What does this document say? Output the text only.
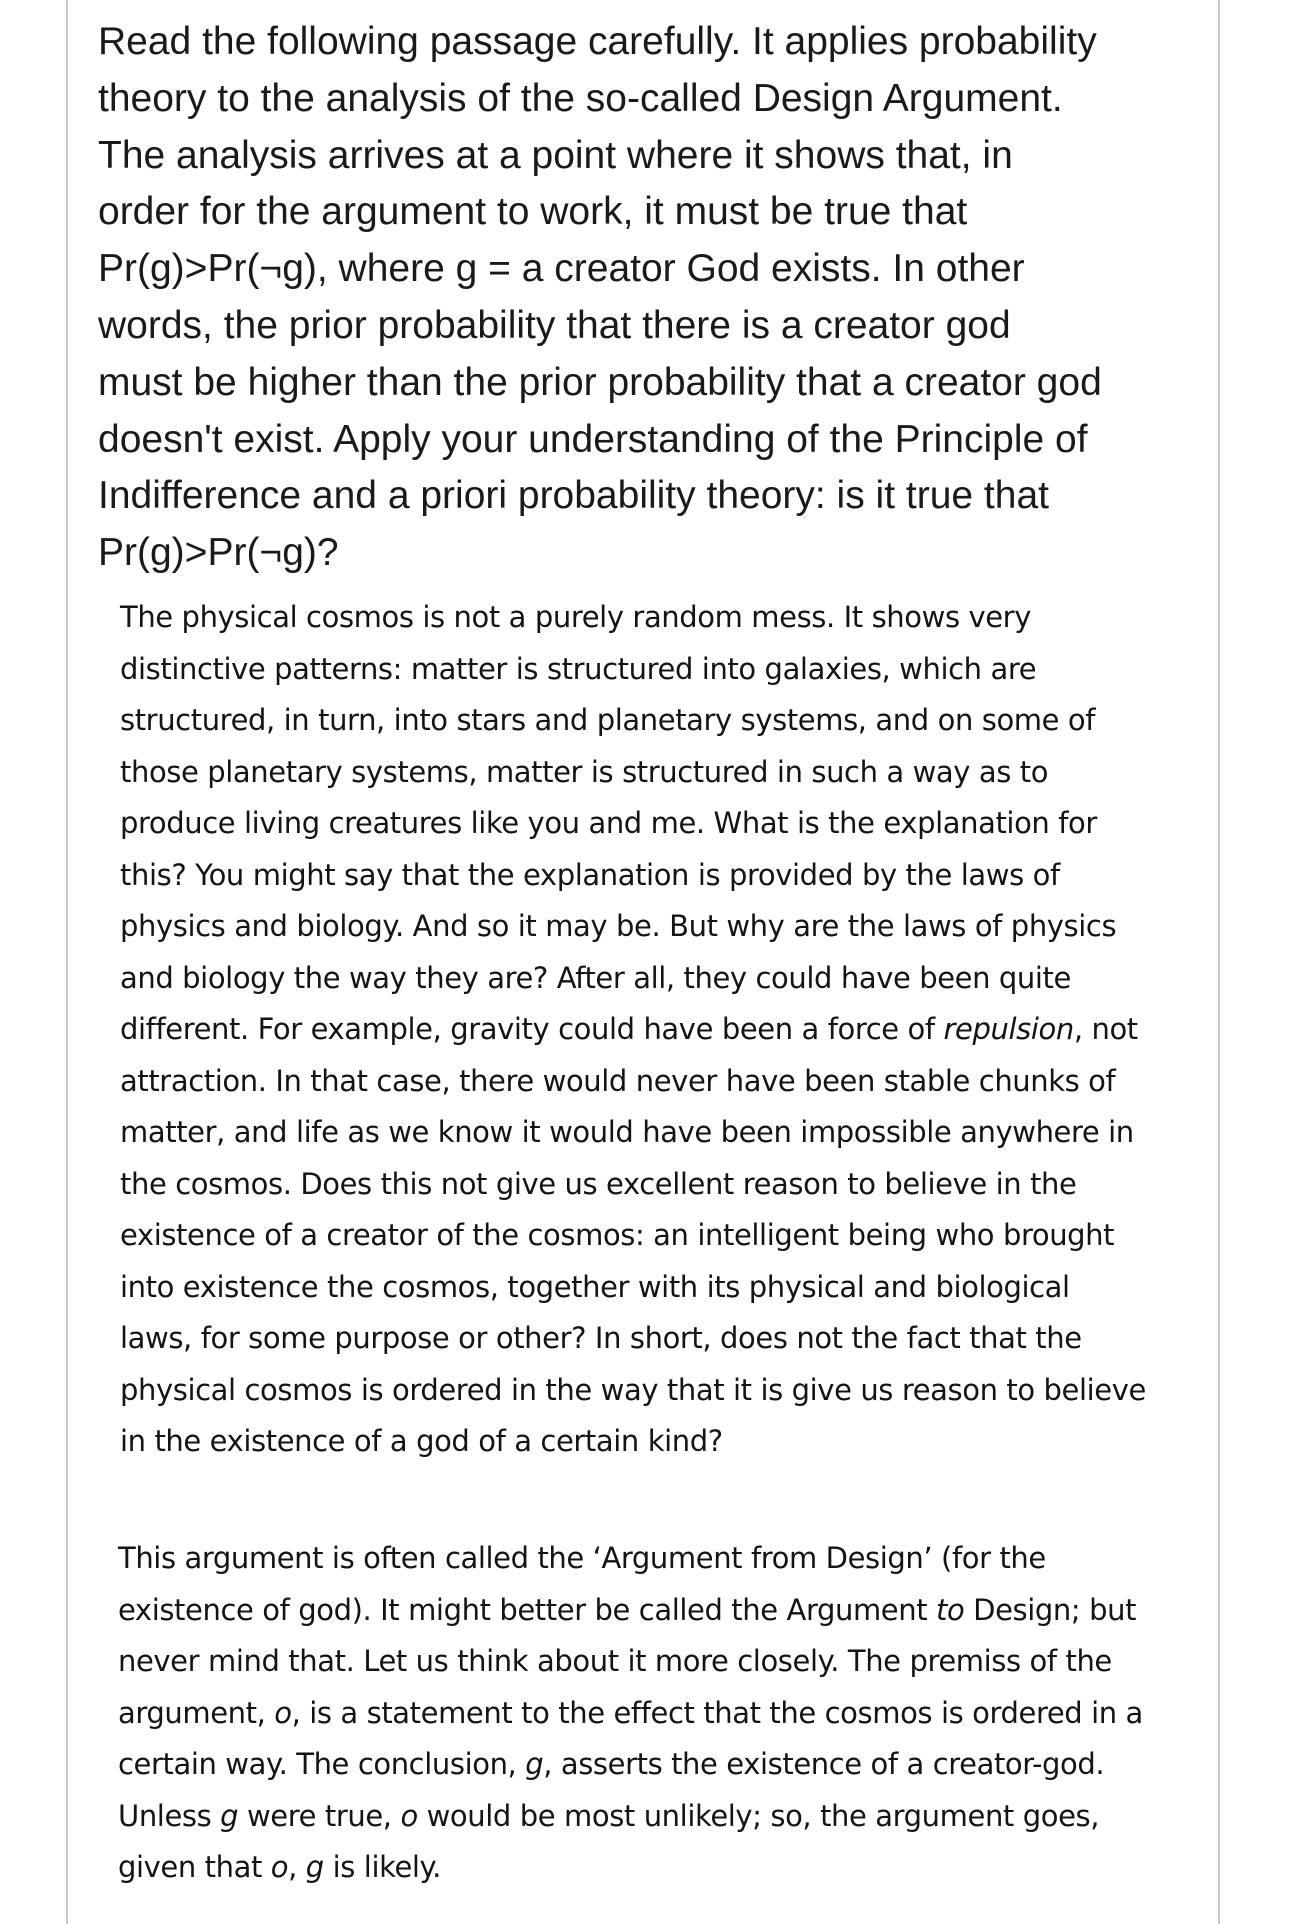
Read the following passage carefully. It applies probability
theory to the analysis of the so-called Design Argument.
The analysis arrives at a point where it shows that, in
order for the argument to work, it must be true that
Pr(g)>Pr(¬g), where g = a creator God exists. In other
words, the prior probability that there is a creator god
must be higher than the prior probability that a creator god
doesn't exist. Apply your understanding of the Principle of
Indifference and a priori probability theory: is it true that
Pr(g)>Pr(¬g)?
The physical cosmos is not a purely random mess. It shows very
distinctive patterns: matter is structured into galaxies, which are
structured, in turn, into stars and planetary systems, and on some of
those planetary systems, matter is structured in such a way as to
produce living creatures like you and me. What is the explanation for
this? You might say that the explanation is provided by the laws of
physics and biology. And so it may be. But why are the laws of physics
and biology the way they are? After all, they could have been quite
different. For example, gravity could have been a force of repulsion, not
attraction. In that case, there would never have been stable chunks of
matter, and life as we know it would have been impossible anywhere in
the cosmos. Does this not give us excellent reason to believe in the
existence of a creator of the cosmos: an intelligent being who brought
into existence the cosmos, together with its physical and biological
laws, for some purpose or other? In short, does not the fact that the
physical cosmos is ordered in the way that it is give us reason to believe
in the existence of a god of a certain kind?
This argument is often called the ‘Argument from Design’ (for the
existence of god). It might better be called the Argument to Design; but
never mind that. Let us think about it more closely. The premiss of the
argument, o, is a statement to the effect that the cosmos is ordered in a
certain way. The conclusion, g, asserts the existence of a creator-god.
Unless g were true, o would be most unlikely; so, the argument goes,
given that o, g is likely.
